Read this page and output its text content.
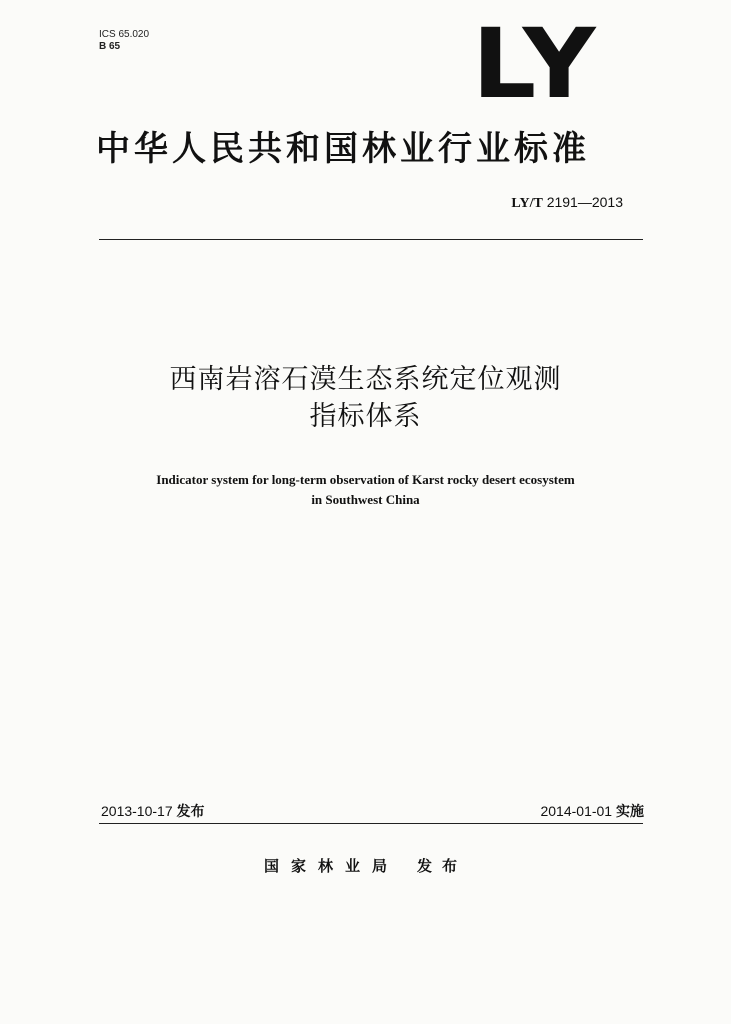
ICS 65.020
B 65	LY
中华人民共和国林业行业标准
LY/T 2191—2013
西南岩溶石漠生态系统定位观测
指标体系
Indicator system for long-term observation of Karst rocky desert ecosystem
in Southwest China
2013-10-17 发布	2014-01-01 实施
国家林业局 发布
